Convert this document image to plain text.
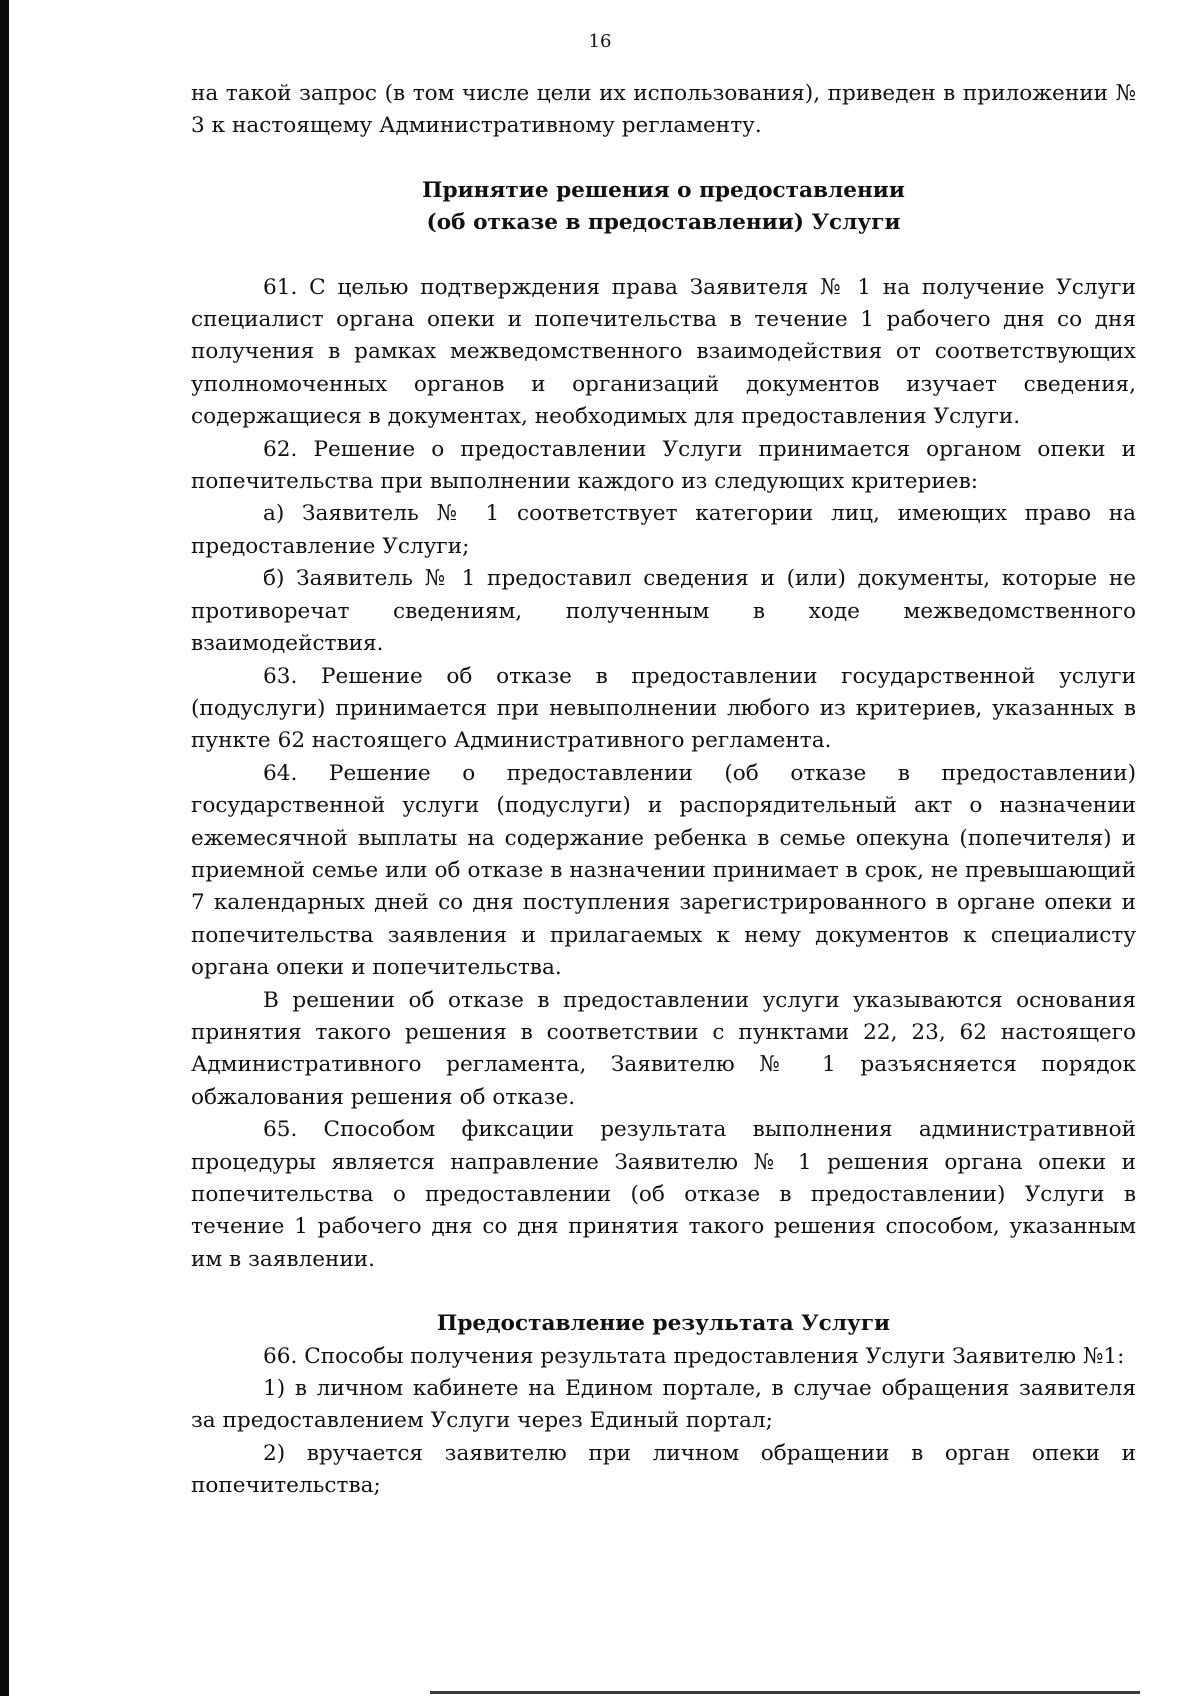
16

на такой запрос (в том числе цели их использования), приведен в приложении № 3 к настоящему Административному регламенту.

Принятие решения о предоставлении
(об отказе в предоставлении) Услуги

61. С целью подтверждения права Заявителя № 1 на получение Услуги специалист органа опеки и попечительства в течение 1 рабочего дня со дня получения в рамках межведомственного взаимодействия от соответствующих уполномоченных органов и организаций документов изучает сведения, содержащиеся в документах, необходимых для предоставления Услуги.

62. Решение о предоставлении Услуги принимается органом опеки и попечительства при выполнении каждого из следующих критериев:

а) Заявитель № 1 соответствует категории лиц, имеющих право на предоставление Услуги;

б) Заявитель № 1 предоставил сведения и (или) документы, которые не противоречат сведениям, полученным в ходе межведомственного взаимодействия.

63. Решение об отказе в предоставлении государственной услуги (подуслуги) принимается при невыполнении любого из критериев, указанных в пункте 62 настоящего Административного регламента.

64. Решение о предоставлении (об отказе в предоставлении) государственной услуги (подуслуги) и распорядительный акт о назначении ежемесячной выплаты на содержание ребенка в семье опекуна (попечителя) и приемной семье или об отказе в назначении принимает в срок, не превышающий 7 календарных дней со дня поступления зарегистрированного в органе опеки и попечительства заявления и прилагаемых к нему документов к специалисту органа опеки и попечительства.

В решении об отказе в предоставлении услуги указываются основания принятия такого решения в соответствии с пунктами 22, 23, 62 настоящего Административного регламента, Заявителю № 1 разъясняется порядок обжалования решения об отказе.

65. Способом фиксации результата выполнения административной процедуры является направление Заявителю № 1 решения органа опеки и попечительства о предоставлении (об отказе в предоставлении) Услуги в течение 1 рабочего дня со дня принятия такого решения способом, указанным им в заявлении.

Предоставление результата Услуги

66. Способы получения результата предоставления Услуги Заявителю №1:

1) в личном кабинете на Едином портале, в случае обращения заявителя за предоставлением Услуги через Единый портал;

2) вручается заявителю при личном обращении в орган опеки и попечительства;
